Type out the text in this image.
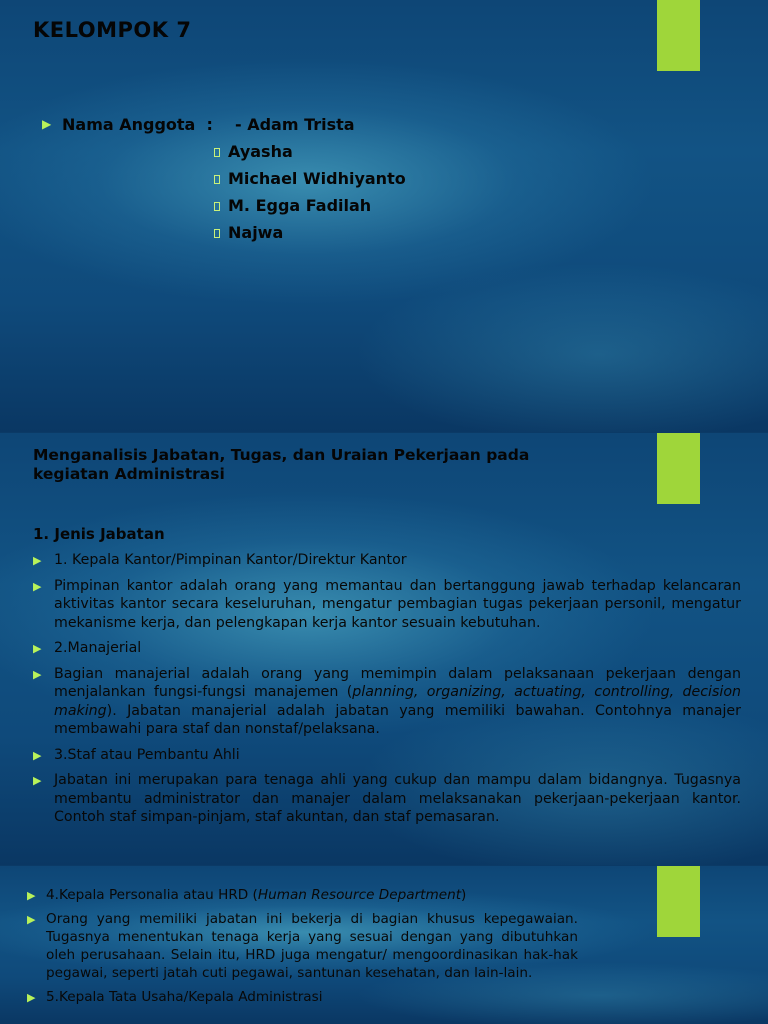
KELOMPOK 7
▶ Nama Anggota  : - Adam Trista
Ayasha
Michael Widhiyanto
M. Egga Fadilah
Najwa
Menganalisis Jabatan, Tugas, dan Uraian Pekerjaan pada kegiatan Administrasi
1. Jenis Jabatan
▶ 1. Kepala Kantor/Pimpinan Kantor/Direktur Kantor
▶ Pimpinan kantor adalah orang yang memantau dan bertanggung jawab terhadap kelancaran aktivitas kantor secara keseluruhan, mengatur pembagian tugas pekerjaan personil, mengatur mekanisme kerja, dan pelengkapan kerja kantor sesuain kebutuhan.
▶ 2.Manajerial
▶ Bagian manajerial adalah orang yang memimpin dalam pelaksanaan pekerjaan dengan menjalankan fungsi-fungsi manajemen (planning, organizing, actuating, controlling, decision making). Jabatan manajerial adalah jabatan yang memiliki bawahan. Contohnya manajer membawahi para staf dan nonstaf/pelaksana.
▶ 3.Staf atau Pembantu Ahli
▶ Jabatan ini merupakan para tenaga ahli yang cukup dan mampu dalam bidangnya. Tugasnya membantu administrator dan manajer dalam melaksanakan pekerjaan-pekerjaan kantor. Contoh staf simpan-pinjam, staf akuntan, dan staf pemasaran.
▶ 4.Kepala Personalia atau HRD (Human Resource Department)
▶ Orang yang memiliki jabatan ini bekerja di bagian khusus kepegawaian. Tugasnya menentukan tenaga kerja yang sesuai dengan yang dibutuhkan oleh perusahaan. Selain itu, HRD juga mengatur/ mengoordinasikan hak-hak pegawai, seperti jatah cuti pegawai, santunan kesehatan, dan lain-lain.
▶ 5.Kepala Tata Usaha/Kepala Administrasi
